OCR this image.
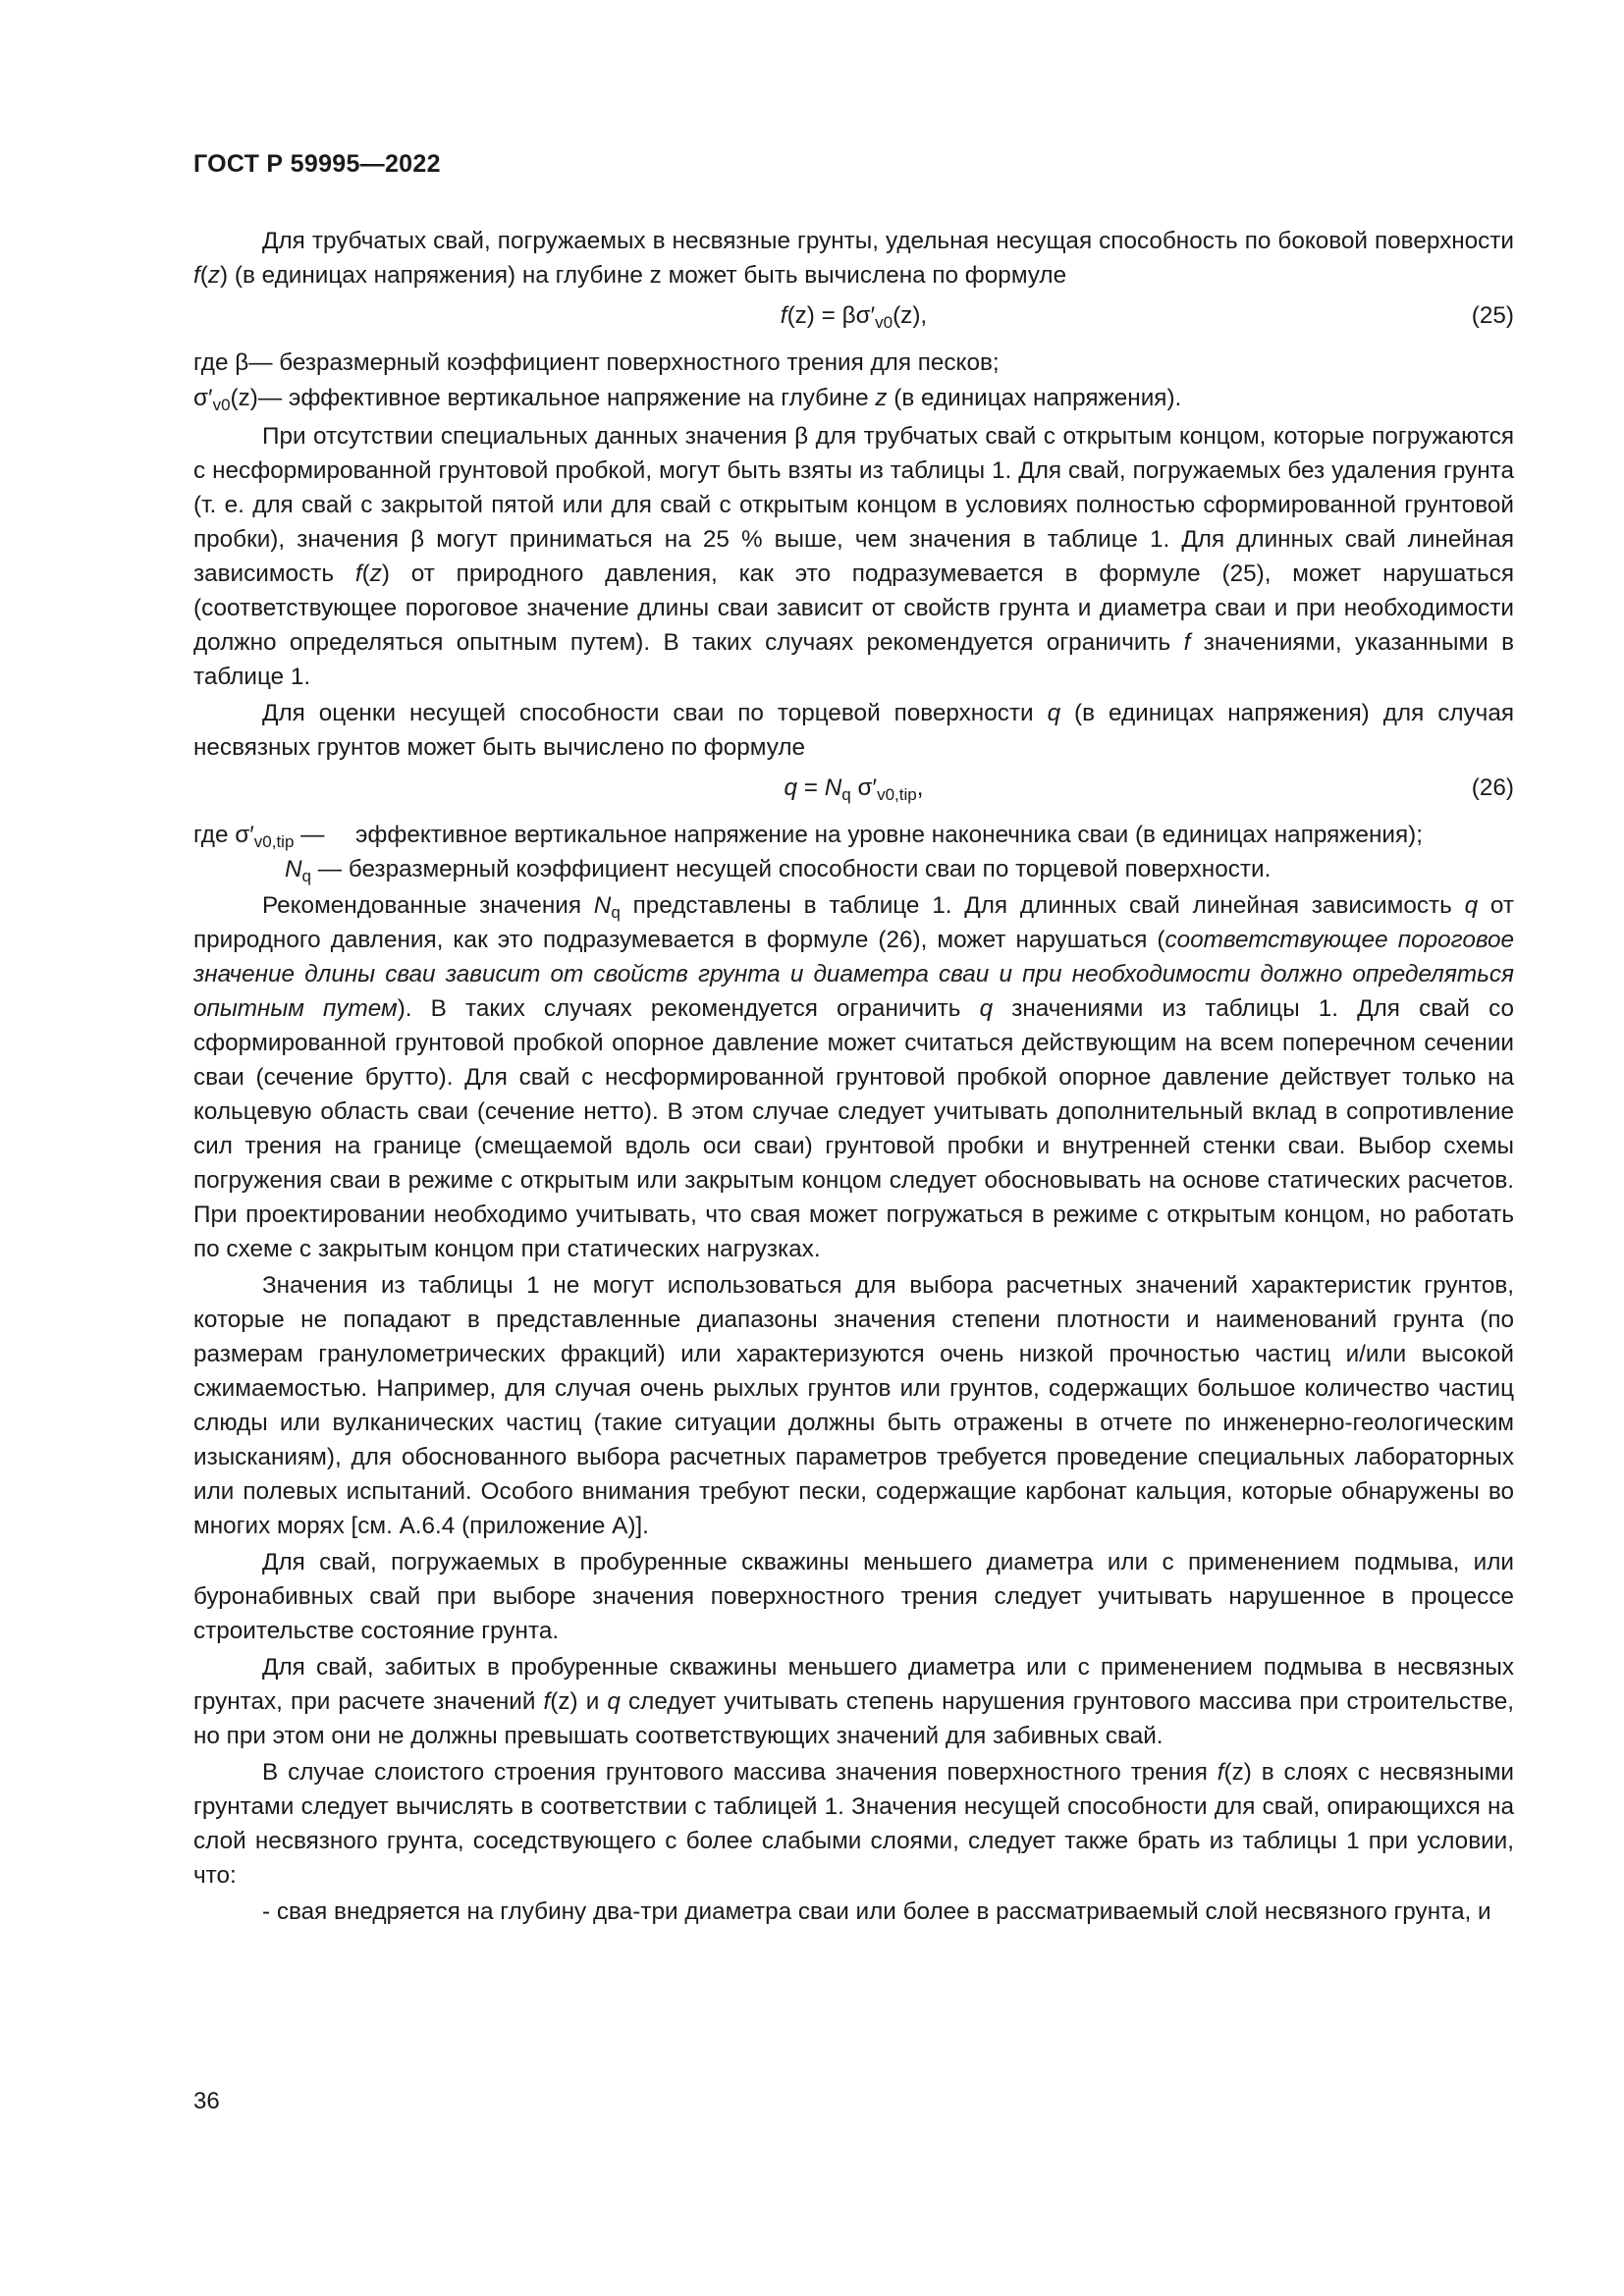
ГОСТ Р 59995—2022

Для трубчатых свай, погружаемых в несвязные грунты, удельная несущая способность по боковой поверхности f(z) (в единицах напряжения) на глубине z может быть вычислена по формуле

$f(z) = \beta\sigma'_{v0}(z)$,	(25)
где β — безразмерный коэффициент поверхностного трения для песков;
$\sigma'_{v0}(z)$ — эффективное вертикальное напряжение на глубине z (в единицах напряжения).

При отсутствии специальных данных значения β для трубчатых свай с открытым концом, которые погружаются с несформированной грунтовой пробкой, могут быть взяты из таблицы 1. Для свай, погружаемых без удаления грунта (т. е. для свай с закрытой пятой или для свай с открытым концом в условиях полностью сформированной грунтовой пробки), значения β могут приниматься на 25 % выше, чем значения в таблице 1. Для длинных свай линейная зависимость f(z) от природного давления, как это подразумевается в формуле (25), может нарушаться (соответствующее пороговое значение длины сваи зависит от свойств грунта и диаметра сваи и при необходимости должно определяться опытным путем). В таких случаях рекомендуется ограничить f значениями, указанными в таблице 1.

Для оценки несущей способности сваи по торцевой поверхности q (в единицах напряжения) для случая несвязных грунтов может быть вычислено по формуле

$q = N_q$ $\sigma'_{v0,tip}$,	(26)
где $\sigma'_{v0,tip}$ —	эффективное вертикальное напряжение на уровне наконечника сваи (в единицах напряжения);
$N_q$ — безразмерный коэффициент несущей способности сваи по торцевой поверхности.

Рекомендованные значения $N_q$ представлены в таблице 1. Для длинных свай линейная зависимость q от природного давления, как это подразумевается в формуле (26), может нарушаться (соответствующее пороговое значение длины сваи зависит от свойств грунта и диаметра сваи и при необходимости должно определяться опытным путем). В таких случаях рекомендуется ограничить q значениями из таблицы 1. Для свай со сформированной грунтовой пробкой опорное давление может считаться действующим на всем поперечном сечении сваи (сечение брутто). Для свай с несформированной грунтовой пробкой опорное давление действует только на кольцевую область сваи (сечение нетто). В этом случае следует учитывать дополнительный вклад в сопротивление сил трения на границе (смещаемой вдоль оси сваи) грунтовой пробки и внутренней стенки сваи. Выбор схемы погружения сваи в режиме с открытым или закрытым концом следует обосновывать на основе статических расчетов. При проектировании необходимо учитывать, что свая может погружаться в режиме с открытым концом, но работать по схеме с закрытым концом при статических нагрузках.

Значения из таблицы 1 не могут использоваться для выбора расчетных значений характеристик грунтов, которые не попадают в представленные диапазоны значения степени плотности и наименований грунта (по размерам гранулометрических фракций) или характеризуются очень низкой прочностью частиц и/или высокой сжимаемостью. Например, для случая очень рыхлых грунтов или грунтов, содержащих большое количество частиц слюды или вулканических частиц (такие ситуации должны быть отражены в отчете по инженерно-геологическим изысканиям), для обоснованного выбора расчетных параметров требуется проведение специальных лабораторных или полевых испытаний. Особого внимания требуют пески, содержащие карбонат кальция, которые обнаружены во многих морях [см. А.6.4 (приложение А)].

Для свай, погружаемых в пробуренные скважины меньшего диаметра или с применением подмыва, или буронабивных свай при выборе значения поверхностного трения следует учитывать нарушенное в процессе строительстве состояние грунта.

Для свай, забитых в пробуренные скважины меньшего диаметра или с применением подмыва в несвязных грунтах, при расчете значений f(z) и q следует учитывать степень нарушения грунтового массива при строительстве, но при этом они не должны превышать соответствующих значений для забивных свай.

В случае слоистого строения грунтового массива значения поверхностного трения f(z) в слоях с несвязными грунтами следует вычислять в соответствии с таблицей 1. Значения несущей способности для свай, опирающихся на слой несвязного грунта, соседствующего с более слабыми слоями, следует также брать из таблицы 1 при условии, что:

- свая внедряется на глубину два-три диаметра сваи или более в рассматриваемый слой несвязного грунта, и

36
